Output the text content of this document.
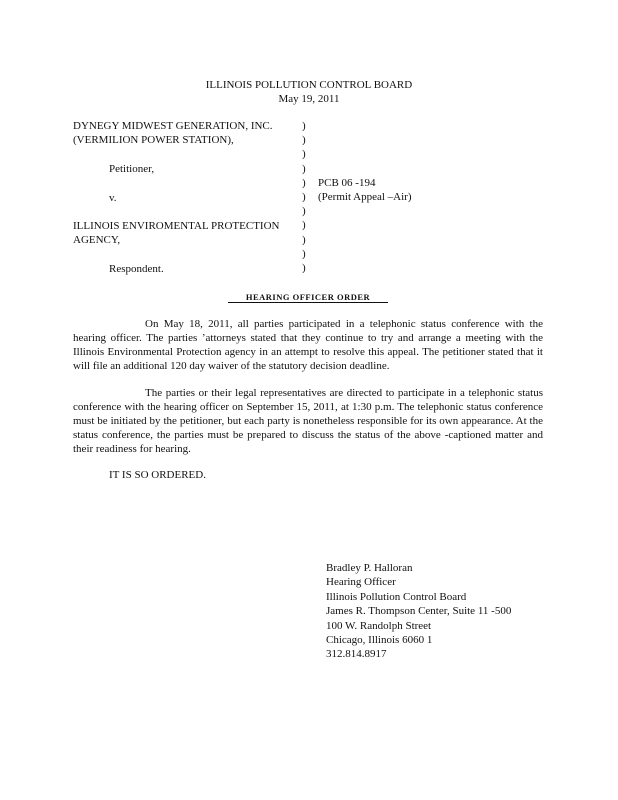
ILLINOIS POLLUTION CONTROL BOARD
May 19, 2011
DYNEGY MIDWEST GENERATION, INC.
(VERMILION POWER STATION),
Petitioner,
v.
ILLINOIS ENVIROMENTAL PROTECTION
AGENCY,
Respondent.
)
)
)
)
)
)
)
)
)
)
)
PCB 06 -194
(Permit Appeal –Air)
HEARING OFFICER ORDER
On May 18, 2011, all parties participated in a telephonic status conference with the hearing officer. The parties ’attorneys stated that they continue to try and arrange a meeting with the Illinois Environmental Protection agency in an attempt to resolve this appeal. The petitioner stated that it will file an additional 120 day waiver of the statutory decision deadline.
The parties or their legal representatives are directed to participate in a telephonic status conference with the hearing officer on September 15, 2011, at 1:30 p.m. The telephonic status conference must be initiated by the petitioner, but each party is nonetheless responsible for its own appearance. At the status conference, the parties must be prepared to discuss the status of the above -captioned matter and their readiness for hearing.
IT IS SO ORDERED.
Bradley P. Halloran
Hearing Officer
Illinois Pollution Control Board
James R. Thompson Center, Suite 11 -500
100 W. Randolph Street
Chicago, Illinois 6060 1
312.814.8917
